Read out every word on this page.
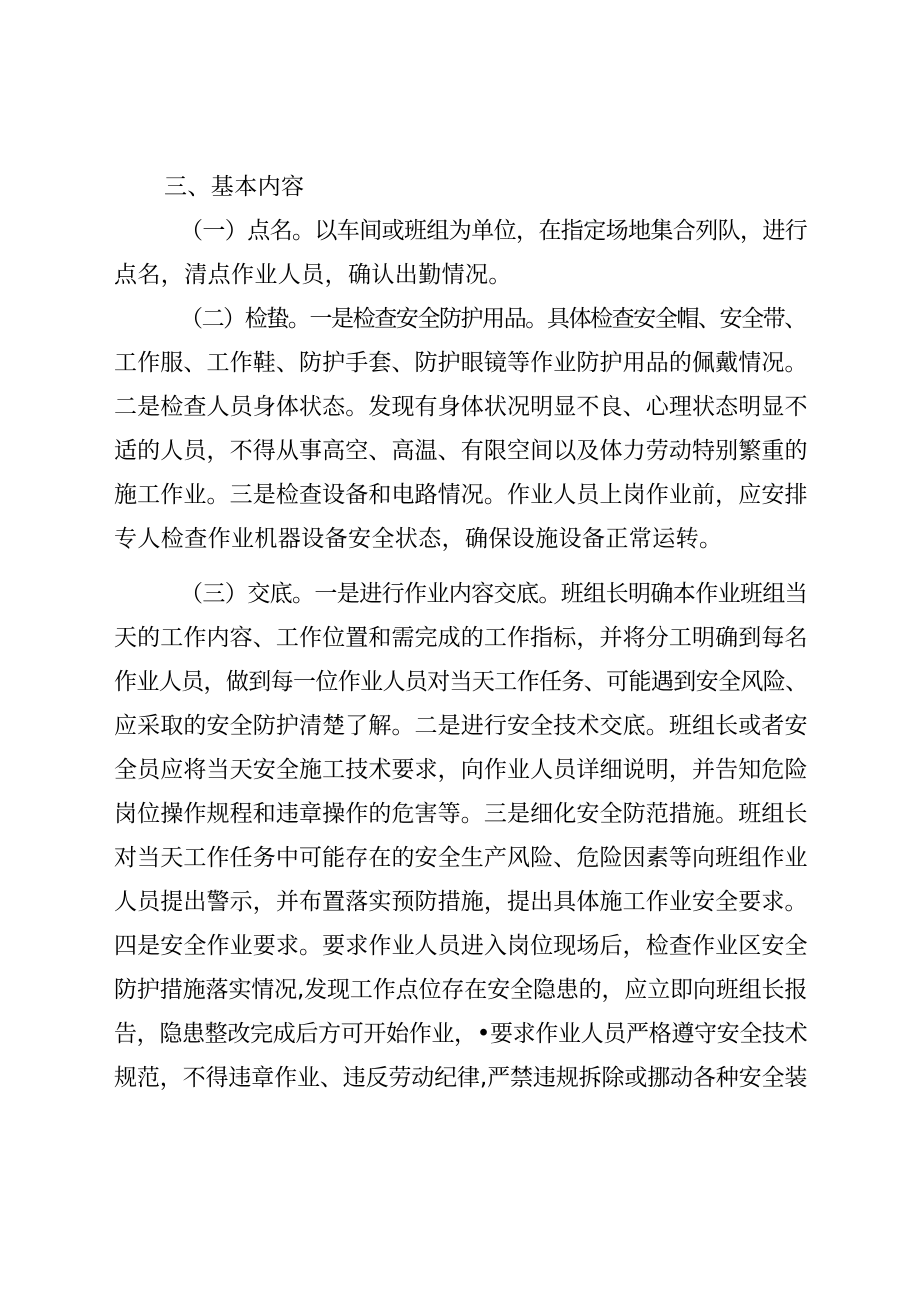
三、基本内容
（一）点名。以车间或班组为单位，在指定场地集合列队，进行
点名，清点作业人员，确认出勤情况。
（二）检蛰。一是检查安全防护用品。具体检查安全帽、安全带、
工作服、工作鞋、防护手套、防护眼镜等作业防护用品的佩戴情况。
二是检查人员身体状态。发现有身体状况明显不良、心理状态明显不
适的人员，不得从事高空、高温、有限空间以及体力劳动特别繁重的
施工作业。三是检查设备和电路情况。作业人员上岗作业前，应安排
专人检查作业机器设备安全状态，确保设施设备正常运转。
（三）交底。一是进行作业内容交底。班组长明确本作业班组当
天的工作内容、工作位置和需完成的工作指标，并将分工明确到每名
作业人员，做到每一位作业人员对当天工作任务、可能遇到安全风险、
应采取的安全防护清楚了解。二是进行安全技术交底。班组长或者安
全员应将当天安全施工技术要求，向作业人员详细说明，并告知危险
岗位操作规程和违章操作的危害等。三是细化安全防范措施。班组长
对当天工作任务中可能存在的安全生产风险、危险因素等向班组作业
人员提出警示，并布置落实预防措施，提出具体施工作业安全要求。
四是安全作业要求。要求作业人员进入岗位现场后，检查作业区安全
防护措施落实情况,发现工作点位存在安全隐患的，应立即向班组长报
告，隐患整改完成后方可开始作业，•要求作业人员严格遵守安全技术
规范，不得违章作业、违反劳动纪律,严禁违规拆除或挪动各种安全装
